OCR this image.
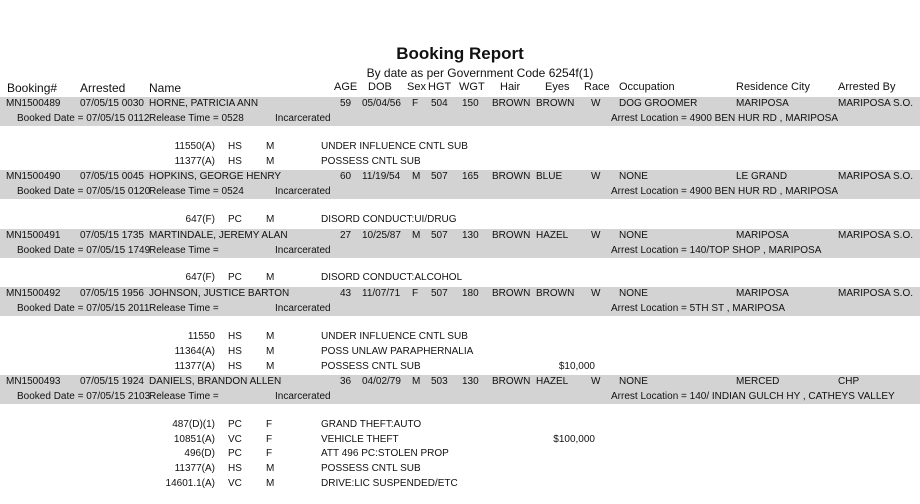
Booking Report
By date as per Government Code 6254f(1)
Booking# Arrested Name	AGE DOB Sex HGT WGT Hair Eyes Race Occupation	Residence City	Arrested By
MN1500489 07/05/15 0030 HORNE, PATRICIA ANN	59 05/04/56 F 504 150 BROWN BROWN W DOG GROOMER	MARIPOSA	MARIPOSA S.O.
Booked Date = 07/05/15 0112 Release Time = 0528	Incarcerated	Arrest Location = 4900 BEN HUR RD , MARIPOSA
11550(A) HS M	UNDER INFLUENCE CNTL SUB
11377(A) HS M	POSSESS CNTL SUB
MN1500490 07/05/15 0045 HOPKINS, GEORGE HENRY	60 11/19/54 M 507 165 BROWN BLUE	W NONE	LE GRAND	MARIPOSA S.O.
Booked Date = 07/05/15 0120
Release Time = 0524	Incarcerated	Arrest Location = 4900 BEN HUR RD , MARIPOSA
647(F) PC M	DISORD CONDUCT:UI/DRUG
MN1500491 07/05/15 1735 MARTINDALE, JEREMY ALAN	27 10/25/87 M 507 130 BROWN HAZEL W NONE	MARIPOSA	MARIPOSA S.O.
Booked Date = 07/05/15 1749
Release Time =	Incarcerated	Arrest Location = 140/TOP SHOP , MARIPOSA
647(F) PC M	DISORD CONDUCT:ALCOHOL
MN1500492 07/05/15 1956 JOHNSON, JUSTICE BARTON	43 11/07/71 F 507 180 BROWN BROWN W NONE	MARIPOSA	MARIPOSA S.O.
Booked Date = 07/05/15 2011 Release Time =	Incarcerated	Arrest Location = 5TH ST , MARIPOSA
11550 HS M	UNDER INFLUENCE CNTL SUB
11364(A) HS M	POSS UNLAW PARAPHERNALIA
11377(A) HS M	POSSESS CNTL SUB	$10,000
MN1500493 07/05/15 1924 DANIELS, BRANDON ALLEN	36 04/02/79 M 503 130 BROWN HAZEL W NONE	MERCED	CHP
Booked Date = 07/05/15 2103
Release Time =	Incarcerated	Arrest Location = 140/ INDIAN GULCH HY , CATHEYS VALLEY
487(D)(1) PC F	GRAND THEFT:AUTO
10851(A) VC F	VEHICLE THEFT	$100,000
496(D) PC F	ATT 496 PC:STOLEN PROP
11377(A) HS M	POSSESS CNTL SUB
14601.1(A) VC M	DRIVE:LIC SUSPENDED/ETC
